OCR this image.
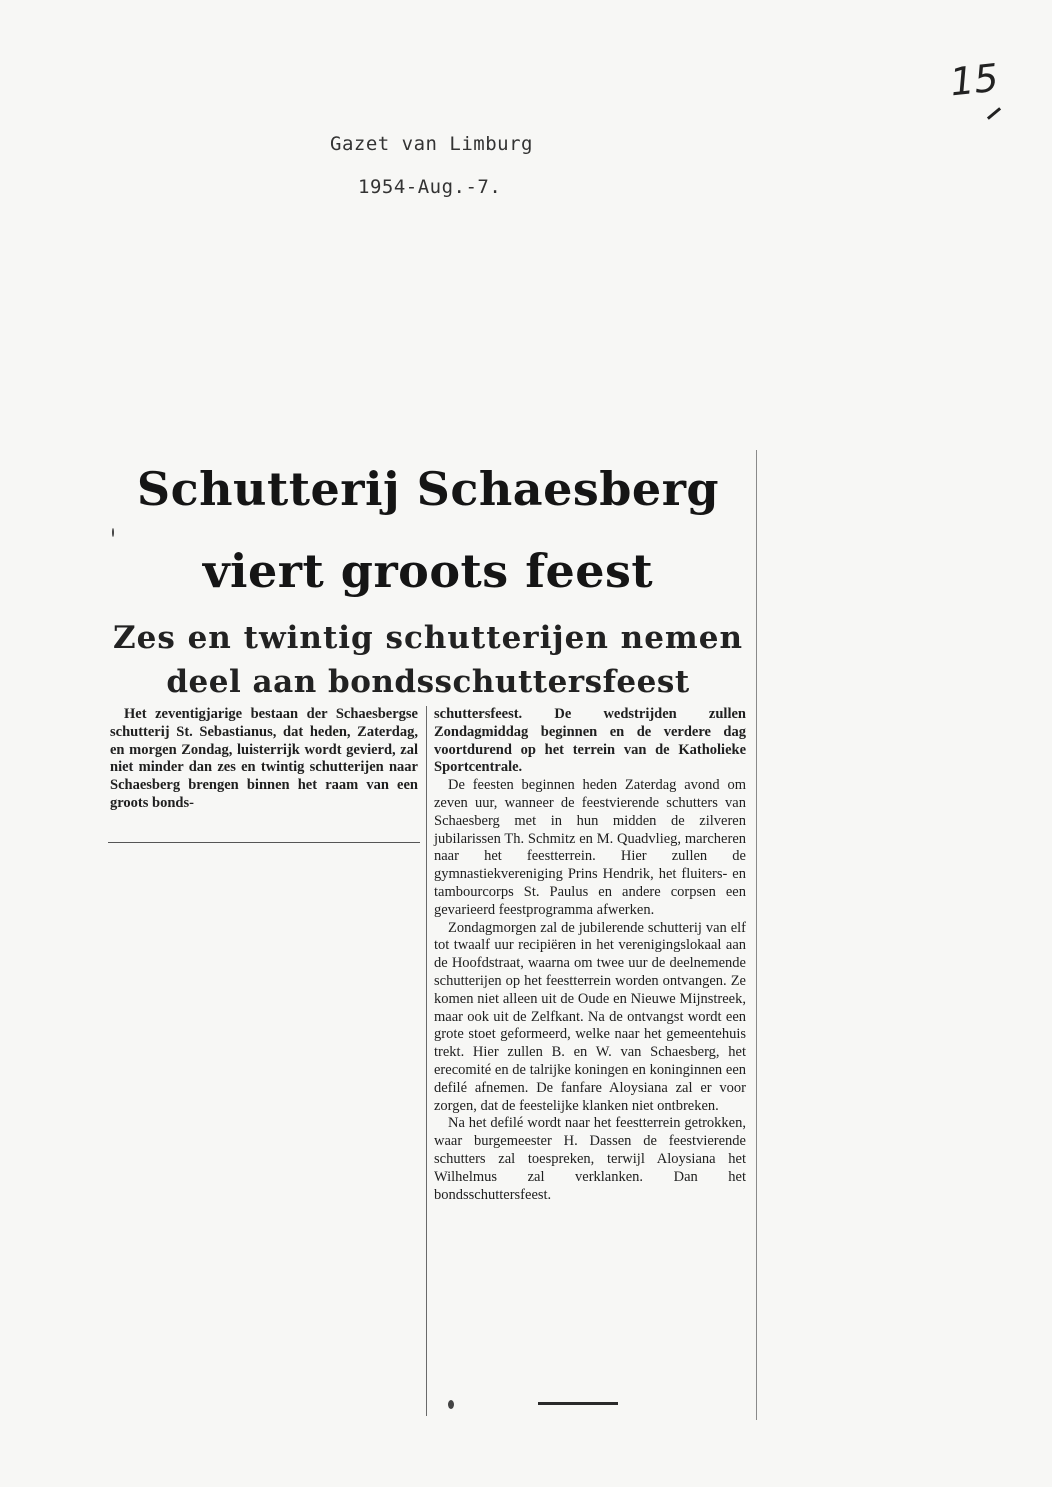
15
Gazet van Limburg
1954-Aug.-7.
Schutterij Schaesberg
viert groots feest
Zes en twintig schutterijen nemen
deel aan bondsschuttersfeest

Het zeventigjarige bestaan der Schaesbergse schutterij St. Sebastianus, dat heden, Zaterdag, en morgen Zondag, luisterrijk wordt gevierd, zal niet minder dan zes en twintig schutterijen naar Schaesberg brengen binnen het raam van een groots bonds-

schuttersfeest. De wedstrijden zullen Zondagmiddag beginnen en de verdere dag voortdurend op het terrein van de Katholieke Sportcentrale.

De feesten beginnen heden Zaterdag avond om zeven uur, wanneer de feestvierende schutters van Schaesberg met in hun midden de zilveren jubilarissen Th. Schmitz en M. Quadvlieg, marcheren naar het feestterrein. Hier zullen de gymnastiekvereniging Prins Hendrik, het fluiters- en tambourcorps St. Paulus en andere corpsen een gevarieerd feestprogramma afwerken.

Zondagmorgen zal de jubilerende schutterij van elf tot twaalf uur recipiëren in het verenigingslokaal aan de Hoofdstraat, waarna om twee uur de deelnemende schutterijen op het feestterrein worden ontvangen. Ze komen niet alleen uit de Oude en Nieuwe Mijnstreek, maar ook uit de Zelfkant. Na de ontvangst wordt een grote stoet geformeerd, welke naar het gemeentehuis trekt. Hier zullen B. en W. van Schaesberg, het erecomité en de talrijke koningen en koninginnen een defilé afnemen. De fanfare Aloysiana zal er voor zorgen, dat de feestelijke klanken niet ontbreken.

Na het defilé wordt naar het feestterrein getrokken, waar burgemeester H. Dassen de feestvierende schutters zal toespreken, terwijl Aloysiana het Wilhelmus zal verklanken. Dan het bondsschuttersfeest.
